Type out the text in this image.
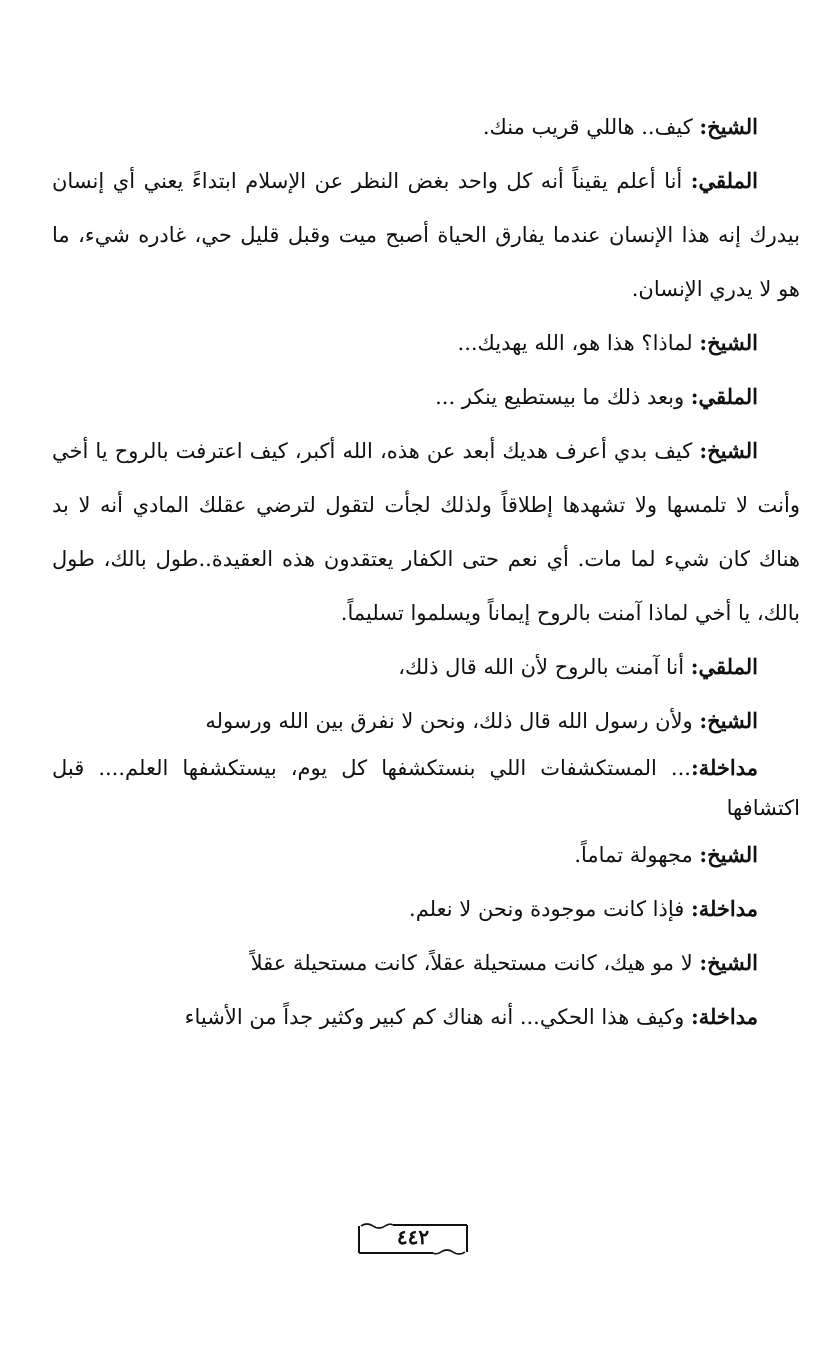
الشيخ: كيف.. هاللي قريب منك.

الملقي: أنا أعلم يقيناً أنه كل واحد بغض النظر عن الإسلام ابتداءً يعني أي إنسان بيدرك إنه هذا الإنسان عندما يفارق الحياة أصبح ميت وقبل قليل حي، غادره شيء، ما هو لا يدري الإنسان.

الشيخ: لماذا؟ هذا هو، الله يهديك...

الملقي: وبعد ذلك ما بيستطيع ينكر ...

الشيخ: كيف بدي أعرف هديك أبعد عن هذه، الله أكبر، كيف اعترفت بالروح يا أخي وأنت لا تلمسها ولا تشهدها إطلاقاً ولذلك لجأت لتقول لترضي عقلك المادي أنه لا بد هناك كان شيء لما مات. أي نعم حتى الكفار يعتقدون هذه العقيدة..طول بالك، طول بالك، يا أخي لماذا آمنت بالروح إيماناً ويسلموا تسليماً.

الملقي: أنا آمنت بالروح لأن الله قال ذلك،

الشيخ: ولأن رسول الله قال ذلك، ونحن لا نفرق بين الله ورسوله

مداخلة:... المستكشفات اللي بنستكشفها كل يوم، بيستكشفها العلم.... قبل اكتشافها

الشيخ: مجهولة تماماً.

مداخلة: فإذا كانت موجودة ونحن لا نعلم.

الشيخ: لا مو هيك، كانت مستحيلة عقلاً، كانت مستحيلة عقلاً

مداخلة: وكيف هذا الحكي... أنه هناك كم كبير وكثير جداً من الأشياء

٤٤٢
